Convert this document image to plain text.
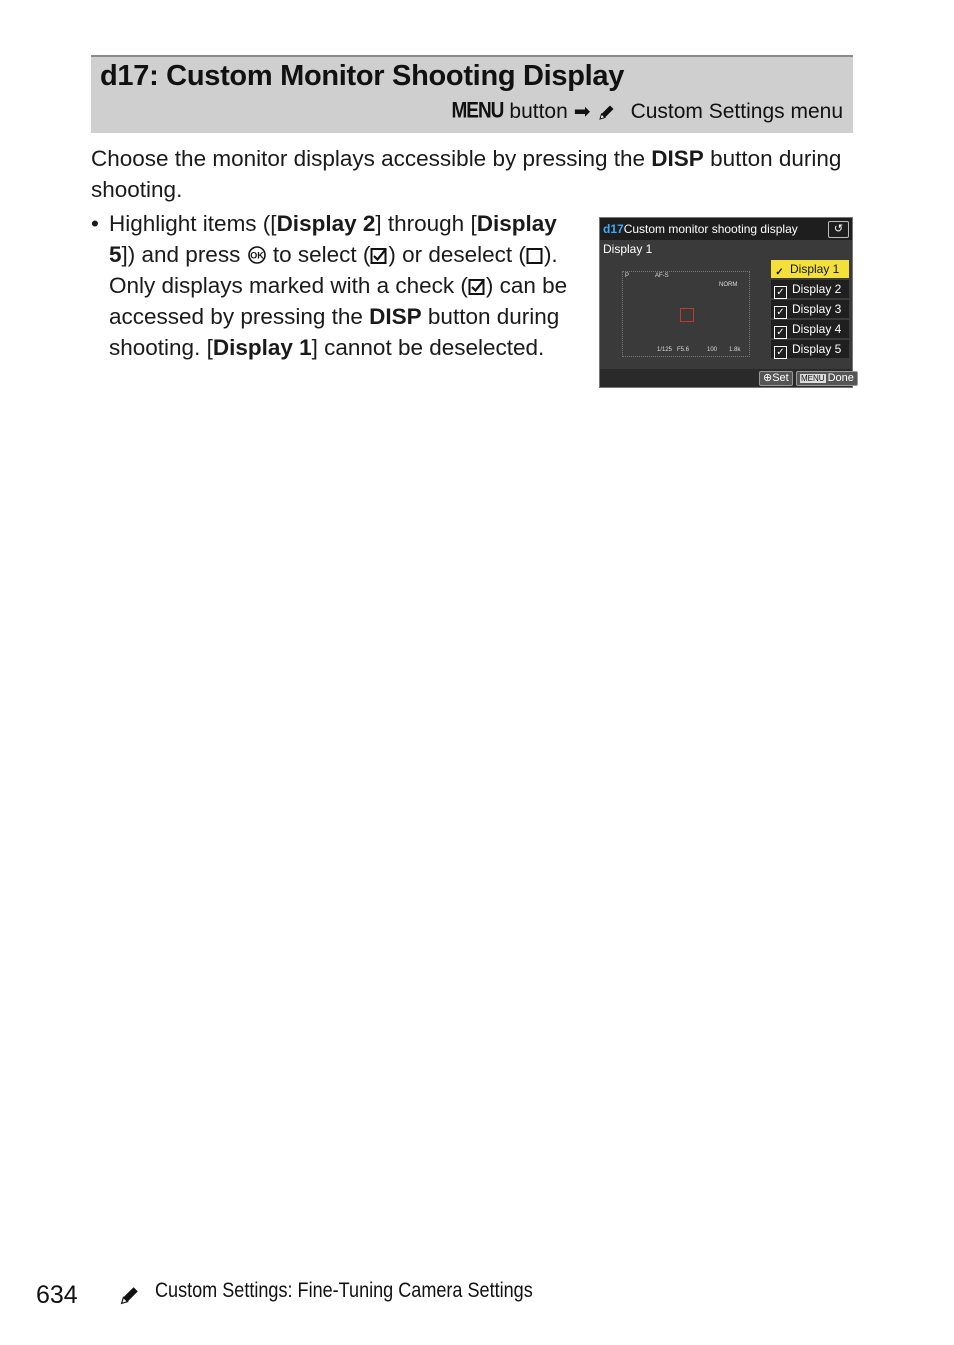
d17: Custom Monitor Shooting Display
MENU button ➡ Custom Settings menu

Choose the monitor displays accessible by pressing the DISP button during shooting.

• Highlight items ([Display 2] through [Display 5]) and press OK to select ( ) or deselect ( ). Only displays marked with a check ( ) can be accessed by pressing the DISP button during shooting. [Display 1] cannot be deselected.
d17Custom monitor shooting display	↺
Display 1
P	AF-S
NORM
1/125 F5.6	100 1.8k
✓ Display 1
✓ Display 2
✓ Display 3
✓ Display 4
✓ Display 5
⊕Set	MENU Done
634	Custom Settings: Fine-Tuning Camera Settings
